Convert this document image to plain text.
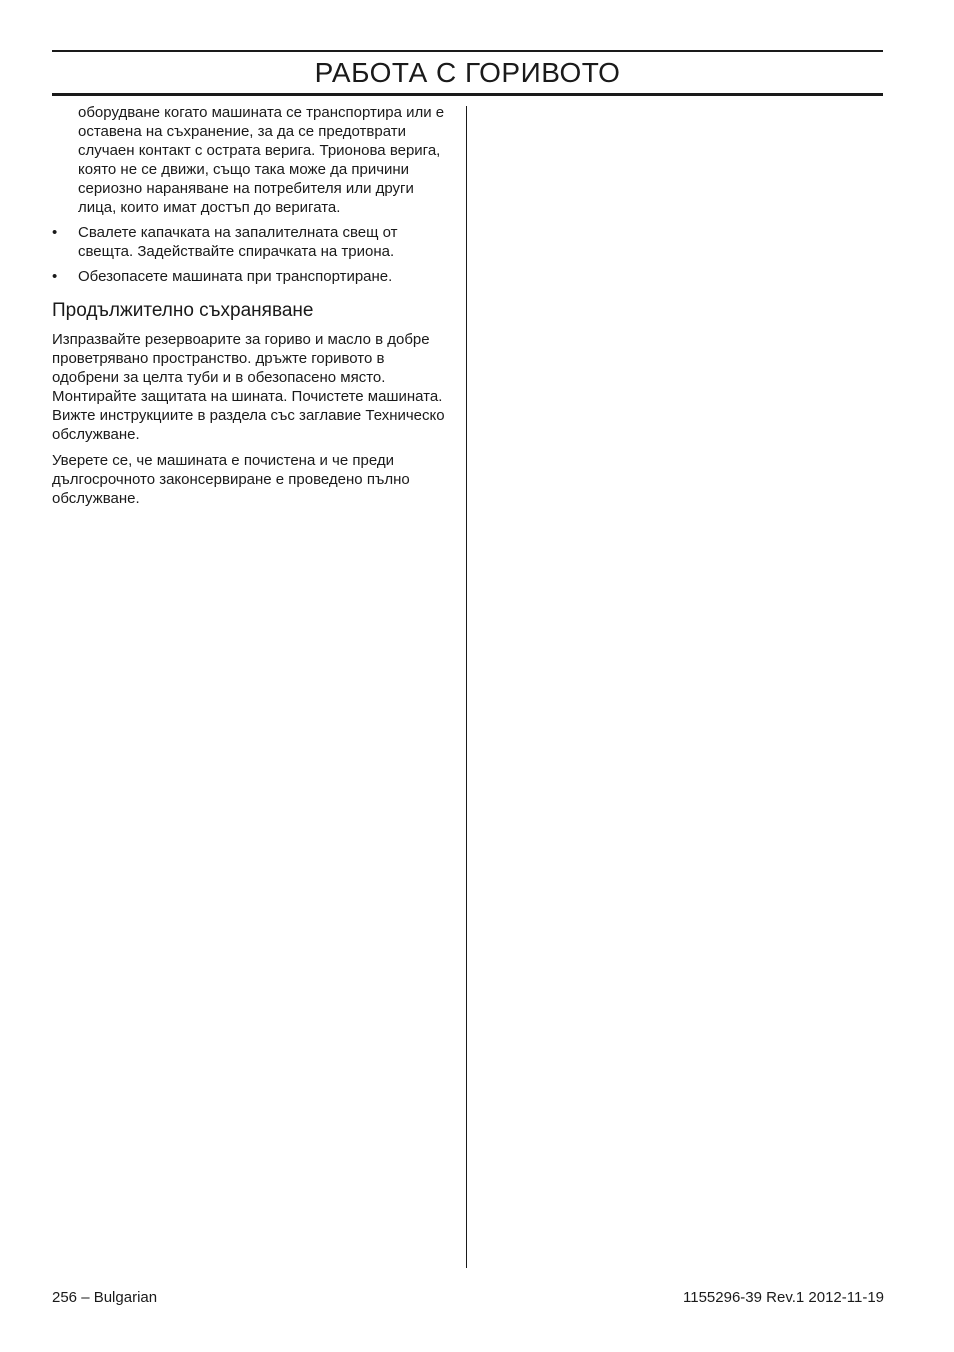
РАБОТА С ГОРИВОТО

оборудване когато машината се транспортира или е оставена на съхранение, за да се предотврати случаен контакт с острата верига. Трионова верига, която не се движи, също така може да причини сериозно нараняване на потребителя или други лица, които имат достъп до веригата.

•	Свалете капачката на запалителната свещ от свещта. Задействайте спирачката на триона.
•	Обезопасете машината при транспортиране.
Продължително съхраняване

Изпразвайте резервоарите за гориво и масло в добре проветрявано пространство. дръжте горивото в одобрени за целта туби и в обезопасено място. Монтирайте защитата на шината. Почистете машината. Вижте инструкциите в раздела със заглавие Техническо обслужване.

Уверете се, че машината е почистена и че преди дългосрочното законсервиране е проведено пълно обслужване.

256 – Bulgarian	1155296-39 Rev.1 2012-11-19
